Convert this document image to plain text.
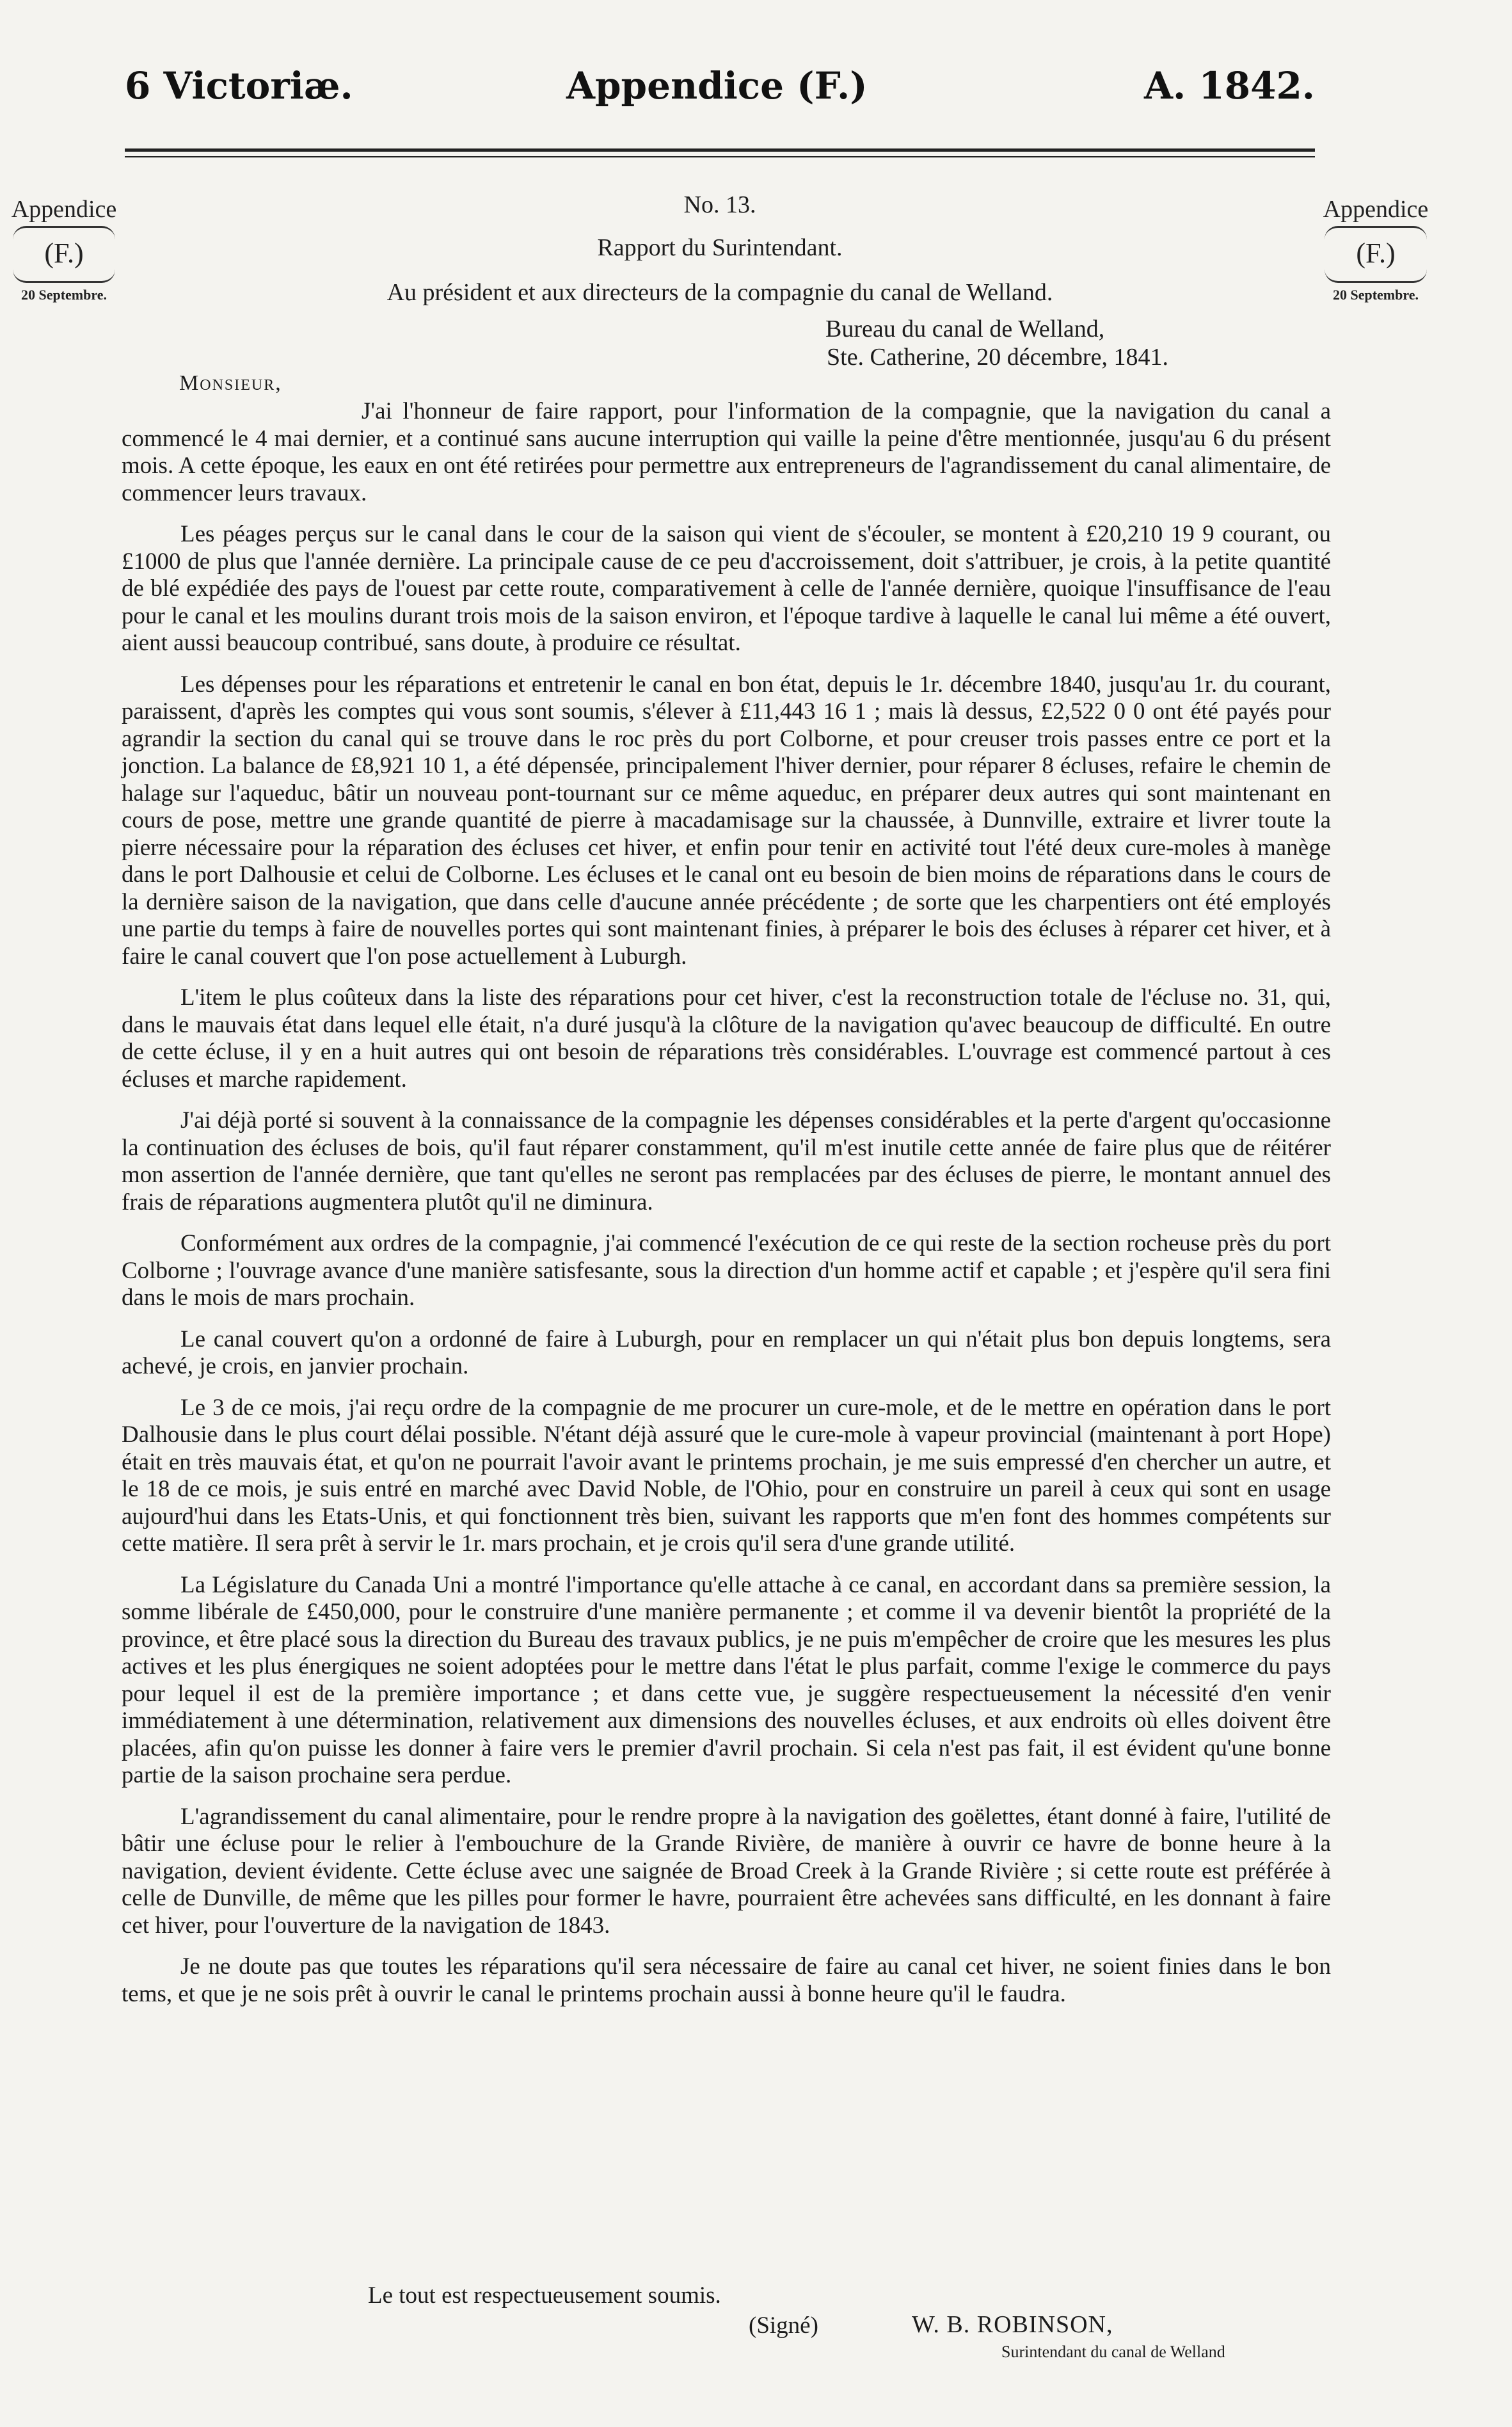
6 Victoriæ.	Appendice (F.)	A. 1842.
Appendice
(F.)
20 Septembre.
Appendice
(F.)
20 Septembre.
No. 13.
Rapport du Surintendant.
Au président et aux directeurs de la compagnie du canal de Welland.
Bureau du canal de Welland,
Ste. Catherine, 20 décembre, 1841.
Monsieur,

J'ai l'honneur de faire rapport, pour l'information de la compagnie, que la navigation du canal a commencé le 4 mai dernier, et a continué sans aucune interruption qui vaille la peine d'être mentionnée, jusqu'au 6 du présent mois. A cette époque, les eaux en ont été retirées pour permettre aux entrepreneurs de l'agrandissement du canal alimentaire, de commencer leurs travaux.

Les péages perçus sur le canal dans le cour de la saison qui vient de s'écouler, se montent à £20,210 19 9 courant, ou £1000 de plus que l'année dernière. La principale cause de ce peu d'accroissement, doit s'attribuer, je crois, à la petite quantité de blé expédiée des pays de l'ouest par cette route, comparativement à celle de l'année dernière, quoique l'insuffisance de l'eau pour le canal et les moulins durant trois mois de la saison environ, et l'époque tardive à laquelle le canal lui même a été ouvert, aient aussi beaucoup contribué, sans doute, à produire ce résultat.

Les dépenses pour les réparations et entretenir le canal en bon état, depuis le 1r. décembre 1840, jusqu'au 1r. du courant, paraissent, d'après les comptes qui vous sont soumis, s'élever à £11,443 16 1 ; mais là dessus, £2,522 0 0 ont été payés pour agrandir la section du canal qui se trouve dans le roc près du port Colborne, et pour creuser trois passes entre ce port et la jonction. La balance de £8,921 10 1, a été dépensée, principalement l'hiver dernier, pour réparer 8 écluses, refaire le chemin de halage sur l'aqueduc, bâtir un nouveau pont-tournant sur ce même aqueduc, en préparer deux autres qui sont maintenant en cours de pose, mettre une grande quantité de pierre à macadamisage sur la chaussée, à Dunnville, extraire et livrer toute la pierre nécessaire pour la réparation des écluses cet hiver, et enfin pour tenir en activité tout l'été deux cure-moles à manège dans le port Dalhousie et celui de Colborne. Les écluses et le canal ont eu besoin de bien moins de réparations dans le cours de la dernière saison de la navigation, que dans celle d'aucune année précédente ; de sorte que les charpentiers ont été employés une partie du temps à faire de nouvelles portes qui sont maintenant finies, à préparer le bois des écluses à réparer cet hiver, et à faire le canal couvert que l'on pose actuellement à Luburgh.

L'item le plus coûteux dans la liste des réparations pour cet hiver, c'est la reconstruction totale de l'écluse no. 31, qui, dans le mauvais état dans lequel elle était, n'a duré jusqu'à la clôture de la navigation qu'avec beaucoup de difficulté. En outre de cette écluse, il y en a huit autres qui ont besoin de réparations très considérables. L'ouvrage est commencé partout à ces écluses et marche rapidement.

J'ai déjà porté si souvent à la connaissance de la compagnie les dépenses considérables et la perte d'argent qu'occasionne la continuation des écluses de bois, qu'il faut réparer constamment, qu'il m'est inutile cette année de faire plus que de réitérer mon assertion de l'année dernière, que tant qu'elles ne seront pas remplacées par des écluses de pierre, le montant annuel des frais de réparations augmentera plutôt qu'il ne diminura.

Conformément aux ordres de la compagnie, j'ai commencé l'exécution de ce qui reste de la section rocheuse près du port Colborne ; l'ouvrage avance d'une manière satisfesante, sous la direction d'un homme actif et capable ; et j'espère qu'il sera fini dans le mois de mars prochain.

Le canal couvert qu'on a ordonné de faire à Luburgh, pour en remplacer un qui n'était plus bon depuis longtems, sera achevé, je crois, en janvier prochain.

Le 3 de ce mois, j'ai reçu ordre de la compagnie de me procurer un cure-mole, et de le mettre en opération dans le port Dalhousie dans le plus court délai possible. N'étant déjà assuré que le cure-mole à vapeur provincial (maintenant à port Hope) était en très mauvais état, et qu'on ne pourrait l'avoir avant le printems prochain, je me suis empressé d'en chercher un autre, et le 18 de ce mois, je suis entré en marché avec David Noble, de l'Ohio, pour en construire un pareil à ceux qui sont en usage aujourd'hui dans les Etats-Unis, et qui fonctionnent très bien, suivant les rapports que m'en font des hommes compétents sur cette matière. Il sera prêt à servir le 1r. mars prochain, et je crois qu'il sera d'une grande utilité.

La Législature du Canada Uni a montré l'importance qu'elle attache à ce canal, en accordant dans sa première session, la somme libérale de £450,000, pour le construire d'une manière permanente ; et comme il va devenir bientôt la propriété de la province, et être placé sous la direction du Bureau des travaux publics, je ne puis m'empêcher de croire que les mesures les plus actives et les plus énergiques ne soient adoptées pour le mettre dans l'état le plus parfait, comme l'exige le commerce du pays pour lequel il est de la première importance ; et dans cette vue, je suggère respectueusement la nécessité d'en venir immédiatement à une détermination, relativement aux dimensions des nouvelles écluses, et aux endroits où elles doivent être placées, afin qu'on puisse les donner à faire vers le premier d'avril prochain. Si cela n'est pas fait, il est évident qu'une bonne partie de la saison prochaine sera perdue.

L'agrandissement du canal alimentaire, pour le rendre propre à la navigation des goëlettes, étant donné à faire, l'utilité de bâtir une écluse pour le relier à l'embouchure de la Grande Rivière, de manière à ouvrir ce havre de bonne heure à la navigation, devient évidente. Cette écluse avec une saignée de Broad Creek à la Grande Rivière ; si cette route est préférée à celle de Dunville, de même que les pilles pour former le havre, pourraient être achevées sans difficulté, en les donnant à faire cet hiver, pour l'ouverture de la navigation de 1843.

Je ne doute pas que toutes les réparations qu'il sera nécessaire de faire au canal cet hiver, ne soient finies dans le bon tems, et que je ne sois prêt à ouvrir le canal le printems prochain aussi à bonne heure qu'il le faudra.

Le tout est respectueusement soumis.
(Signé)	W. B. ROBINSON,
Surintendant du canal de Welland
